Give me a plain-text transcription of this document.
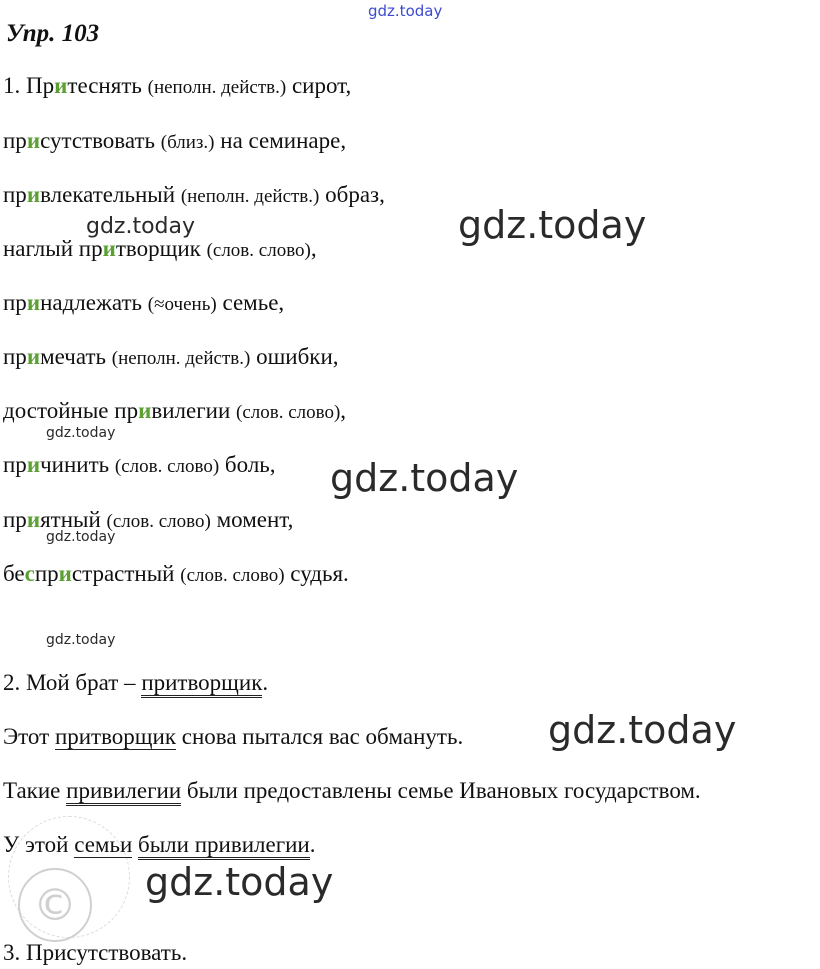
gdz.today
gdz.today
gdz.today
gdz.today
gdz.today
gdz.today
gdz.today
gdz.today
gdz.today
©
Упр. 103
1. Притеснять (неполн. действ.) сирот,
присутствовать (близ.) на семинаре,
привлекательный (неполн. действ.) образ,
наглый притворщик (слов. слово),
принадлежать (≈очень) семье,
примечать (неполн. действ.) ошибки,
достойные привилегии (слов. слово),
причинить (слов. слово) боль,
приятный (слов. слово) момент,
беспристрастный (слов. слово) судья.
2. Мой брат – притворщик.
Этот притворщик снова пытался вас обмануть.
Такие привилегии были предоставлены семье Ивановых государством.
У этой семьи были привилегии.
3. Присутствовать.
